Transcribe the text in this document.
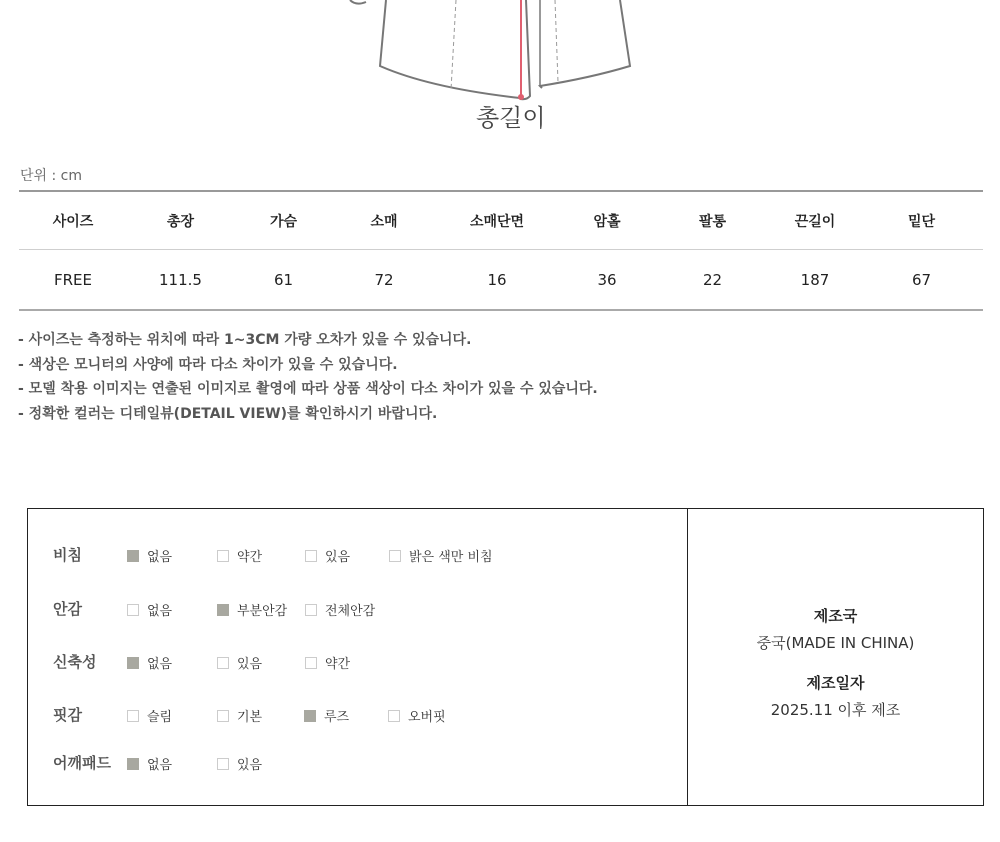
총길이
단위 : cm
사이즈	총장	가슴	소매	소매단면	암홀	팔통	끈길이	밑단
FREE	111.5	61	72	16	36	22	187	67
- 사이즈는 측정하는 위치에 따라 1~3CM 가량 오차가 있을 수 있습니다.
- 색상은 모니터의 사양에 따라 다소 차이가 있을 수 있습니다.
- 모델 착용 이미지는 연출된 이미지로 촬영에 따라 상품 색상이 다소 차이가 있을 수 있습니다.
- 정확한 컬러는 디테일뷰(DETAIL VIEW)를 확인하시기 바랍니다.
비침	없음	약간	있음	밝은 색만 비침
안감	없음	부분안감	전체안감
신축성	없음	있음	약간
핏감	슬림	기본	루즈	오버핏
어깨패드	없음	있음
제조국
중국(MADE IN CHINA)
제조일자
2025.11 이후 제조
